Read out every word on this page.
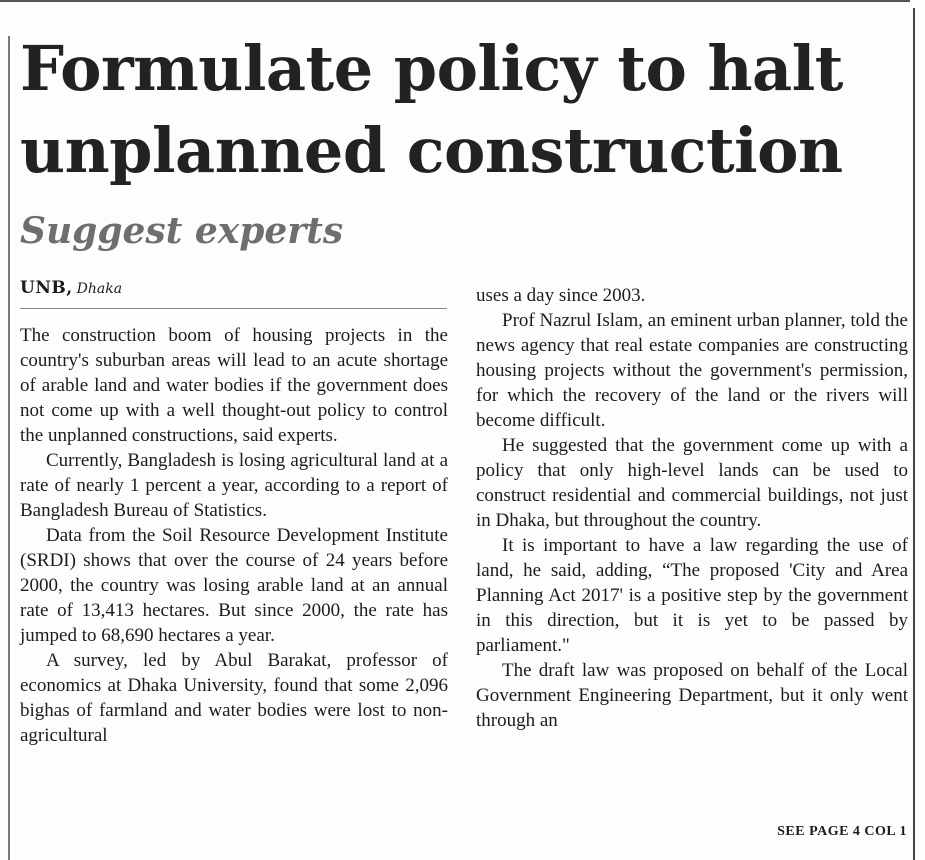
Formulate policy to halt unplanned construction
Suggest experts
UNB, Dhaka

The construction boom of housing projects in the country's suburban areas will lead to an acute shortage of arable land and water bodies if the government does not come up with a well thought-out policy to control the unplanned constructions, said experts.

Currently, Bangladesh is losing agricultural land at a rate of nearly 1 percent a year, according to a report of Bangladesh Bureau of Statistics.

Data from the Soil Resource Development Institute (SRDI) shows that over the course of 24 years before 2000, the country was losing arable land at an annual rate of 13,413 hectares. But since 2000, the rate has jumped to 68,690 hectares a year.

A survey, led by Abul Barakat, professor of economics at Dhaka University, found that some 2,096 bighas of farmland and water bodies were lost to non-agricultural

uses a day since 2003.

Prof Nazrul Islam, an eminent urban planner, told the news agency that real estate companies are constructing housing projects without the government's permission, for which the recovery of the land or the rivers will become difficult.

He suggested that the government come up with a policy that only high-level lands can be used to construct residential and commercial buildings, not just in Dhaka, but throughout the country.

It is important to have a law regarding the use of land, he said, adding, “The proposed 'City and Area Planning Act 2017' is a positive step by the government in this direction, but it is yet to be passed by parliament."

The draft law was proposed on behalf of the Local Government Engineering Department, but it only went through an

SEE PAGE 4 COL 1
